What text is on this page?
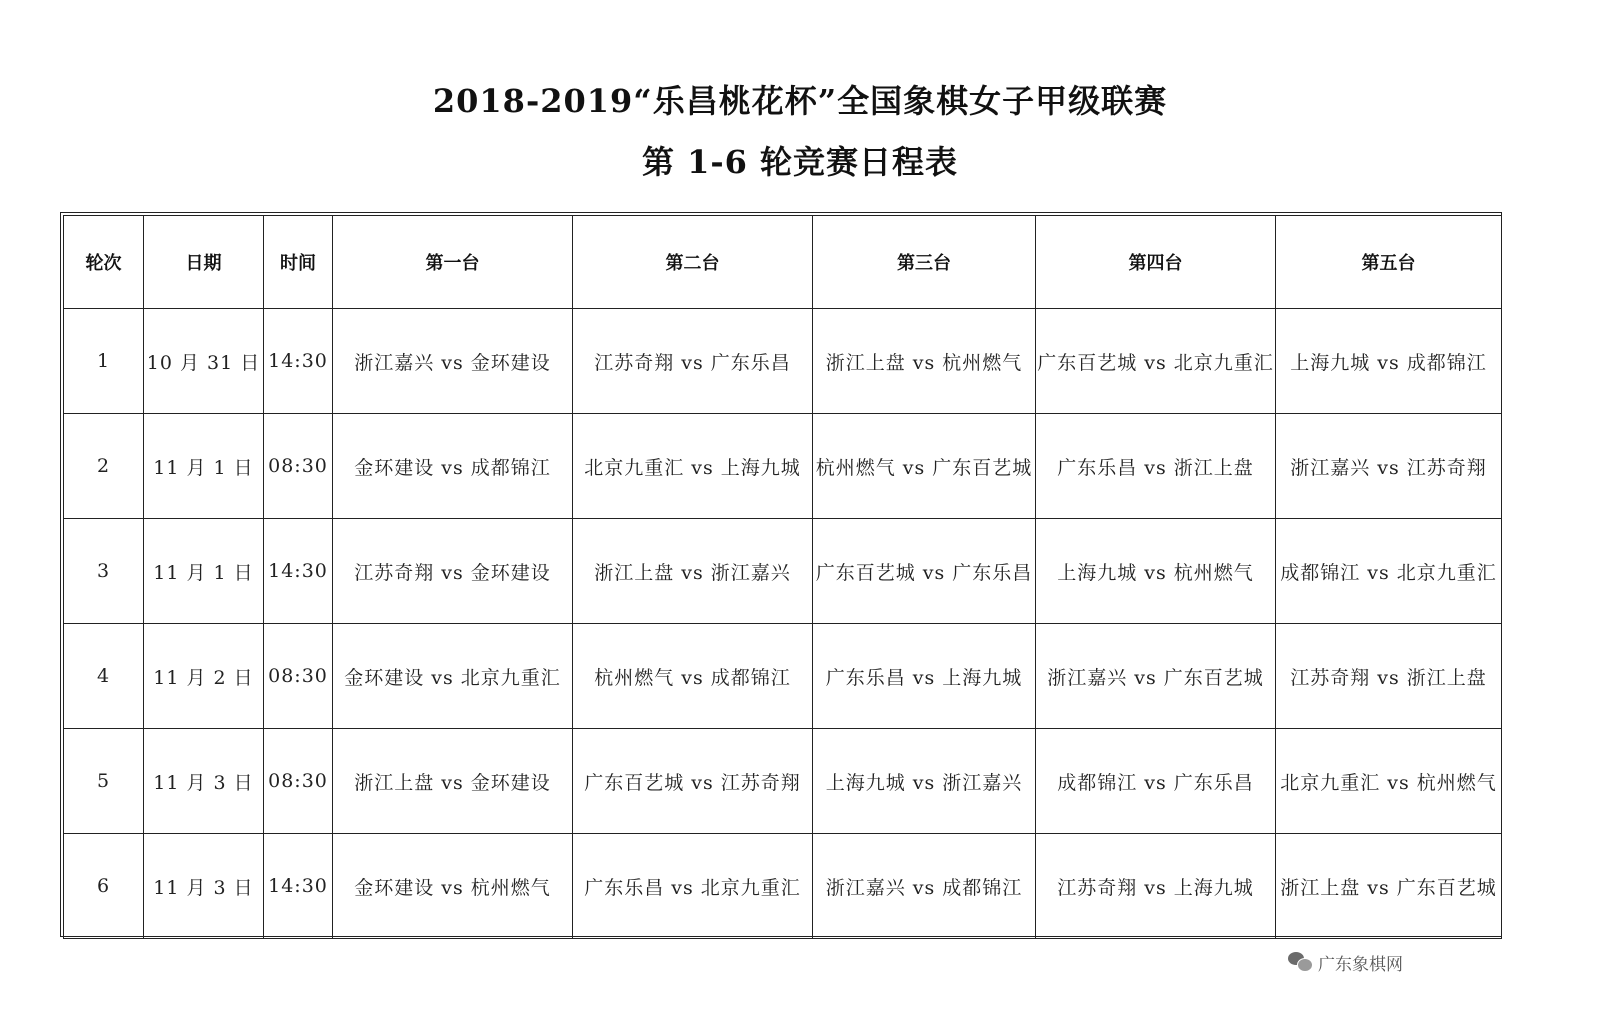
2018-2019“乐昌桃花杯”全国象棋女子甲级联赛
第 1-6 轮竞赛日程表
轮次	日期	时间	第一台	第二台	第三台	第四台	第五台
1	10 月 31 日	14:30	浙江嘉兴 vs 金环建设	江苏奇翔 vs 广东乐昌	浙江上盘 vs 杭州燃气	广东百艺城 vs 北京九重汇	上海九城 vs 成都锦江
2	11 月 1 日	08:30	金环建设 vs 成都锦江	北京九重汇 vs 上海九城	杭州燃气 vs 广东百艺城	广东乐昌 vs 浙江上盘	浙江嘉兴 vs 江苏奇翔
3	11 月 1 日	14:30	江苏奇翔 vs 金环建设	浙江上盘 vs 浙江嘉兴	广东百艺城 vs 广东乐昌	上海九城 vs 杭州燃气	成都锦江 vs 北京九重汇
4	11 月 2 日	08:30	金环建设 vs 北京九重汇	杭州燃气 vs 成都锦江	广东乐昌 vs 上海九城	浙江嘉兴 vs 广东百艺城	江苏奇翔 vs 浙江上盘
5	11 月 3 日	08:30	浙江上盘 vs 金环建设	广东百艺城 vs 江苏奇翔	上海九城 vs 浙江嘉兴	成都锦江 vs 广东乐昌	北京九重汇 vs 杭州燃气
6	11 月 3 日	14:30	金环建设 vs 杭州燃气	广东乐昌 vs 北京九重汇	浙江嘉兴 vs 成都锦江	江苏奇翔 vs 上海九城	浙江上盘 vs 广东百艺城
广东象棋网
